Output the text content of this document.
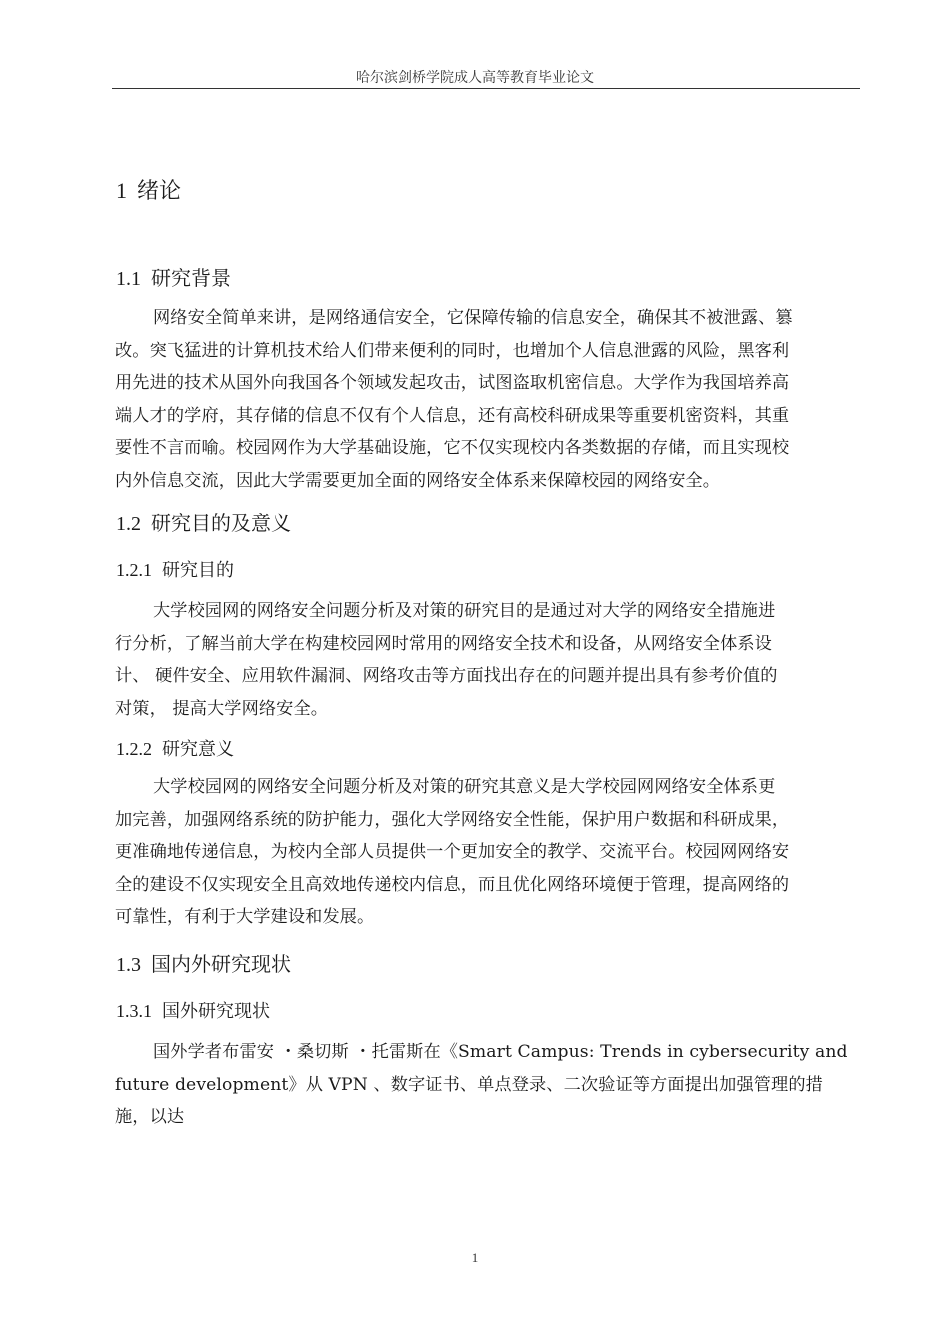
哈尔滨剑桥学院成人高等教育毕业论文
1 绪论
1.1 研究背景
网络安全简单来讲，是网络通信安全，它保障传输的信息安全，确保其不被泄露、篡
改。突飞猛进的计算机技术给人们带来便利的同时，也增加个人信息泄露的风险，黑客利
用先进的技术从国外向我国各个领域发起攻击，试图盗取机密信息。大学作为我国培养高
端人才的学府，其存储的信息不仅有个人信息，还有高校科研成果等重要机密资料，其重
要性不言而喻。校园网作为大学基础设施，它不仅实现校内各类数据的存储，而且实现校
内外信息交流，因此大学需要更加全面的网络安全体系来保障校园的网络安全。
1.2 研究目的及意义
1.2.1 研究目的
大学校园网的网络安全问题分析及对策的研究目的是通过对大学的网络安全措施进
行分析，了解当前大学在构建校园网时常用的网络安全技术和设备，从网络安全体系设
计、 硬件安全、应用软件漏洞、网络攻击等方面找出存在的问题并提出具有参考价值的
对策， 提高大学网络安全。
1.2.2 研究意义
大学校园网的网络安全问题分析及对策的研究其意义是大学校园网网络安全体系更
加完善，加强网络系统的防护能力，强化大学网络安全性能，保护用户数据和科研成果，
更准确地传递信息，为校内全部人员提供一个更加安全的教学、交流平台。校园网网络安
全的建设不仅实现安全且高效地传递校内信息，而且优化网络环境便于管理，提高网络的
可靠性，有利于大学建设和发展。
1.3 国内外研究现状
1.3.1 国外研究现状
国外学者布雷安 ・桑切斯 ・托雷斯在《Smart Campus: Trends in cybersecurity and
future development》从 VPN 、数字证书、单点登录、二次验证等方面提出加强管理的措
施，以达
1
